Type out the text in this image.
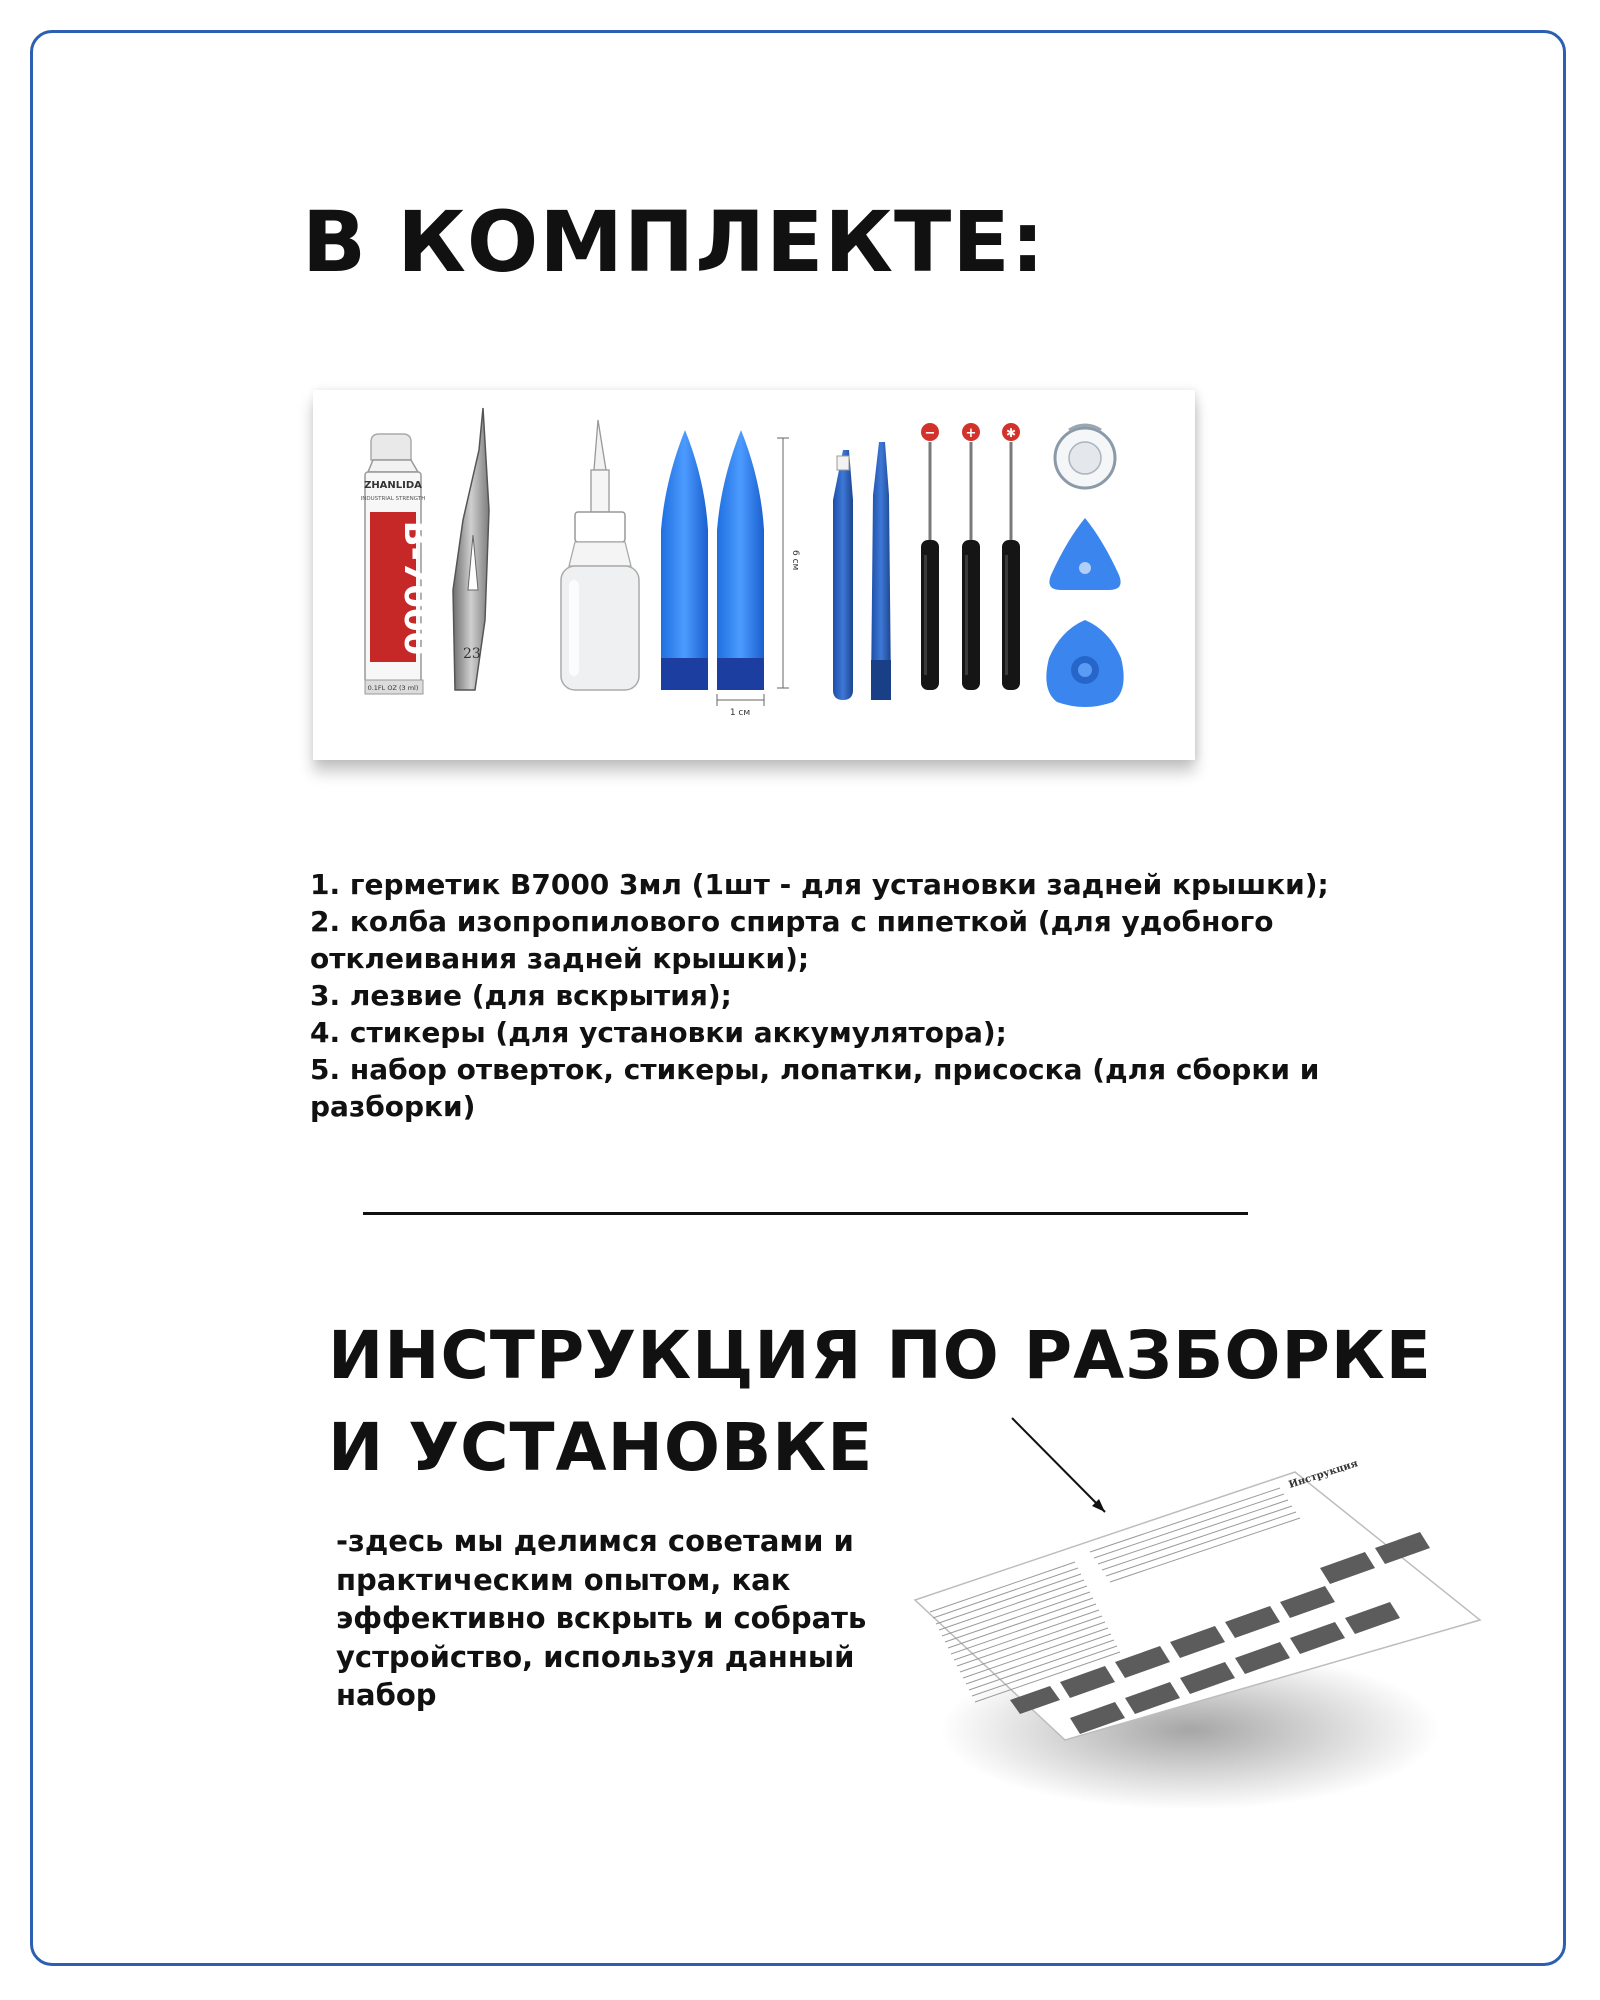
В КОМПЛЕКТЕ:
ZHANLIDA
INDUSTRIAL STRENGTH
B-7000
0.1FL OZ (3 ml)
23
6 см
1 см
− + ✱
1. герметик B7000 3мл (1шт - для установки задней крышки);
2. колба изопропилового спирта с пипеткой (для удобного отклеивания задней крышки);
3. лезвие (для вскрытия);
4. стикеры (для установки аккумулятора);
5. набор отверток, стикеры, лопатки, присоска (для сборки и разборки)
ИНСТРУКЦИЯ ПО РАЗБОРКЕ
И УСТАНОВКЕ
-здесь мы делимся советами и практическим опытом, как эффективно вскрыть и собрать устройство, используя данный набор
Инструкция
